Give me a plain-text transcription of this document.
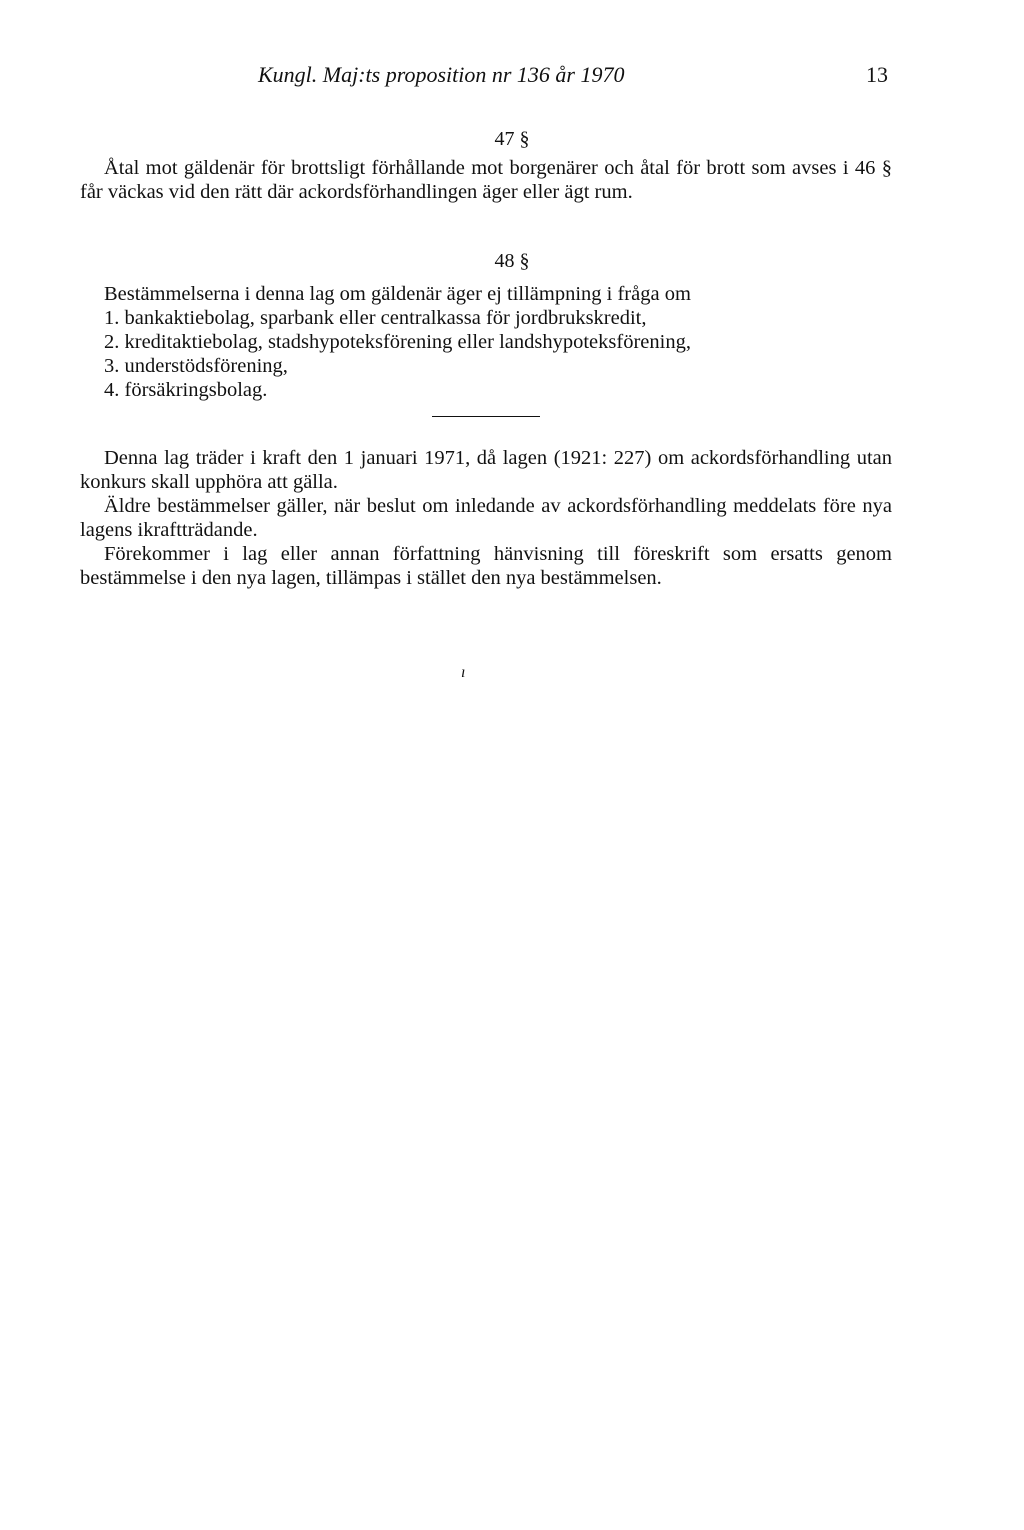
Kungl. Maj:ts proposition nr 136 år 1970	13
47 §

Åtal mot gäldenär för brottsligt förhållande mot borgenärer och åtal för brott som avses i 46 § får väckas vid den rätt där ackordsförhandlingen äger eller ägt rum.

48 §

Bestämmelserna i denna lag om gäldenär äger ej tillämpning i fråga om

1. bankaktiebolag, sparbank eller centralkassa för jordbrukskredit,

2. kreditaktiebolag, stadshypoteksförening eller landshypoteksförening,

3. understödsförening,

4. försäkringsbolag.

Denna lag träder i kraft den 1 januari 1971, då lagen (1921: 227) om ackordsförhandling utan konkurs skall upphöra att gälla.

Äldre bestämmelser gäller, när beslut om inledande av ackordsförhandling meddelats före nya lagens ikraftträdande.

Förekommer i lag eller annan författning hänvisning till föreskrift som ersatts genom bestämmelse i den nya lagen, tillämpas i stället den nya bestämmelsen.

ı
